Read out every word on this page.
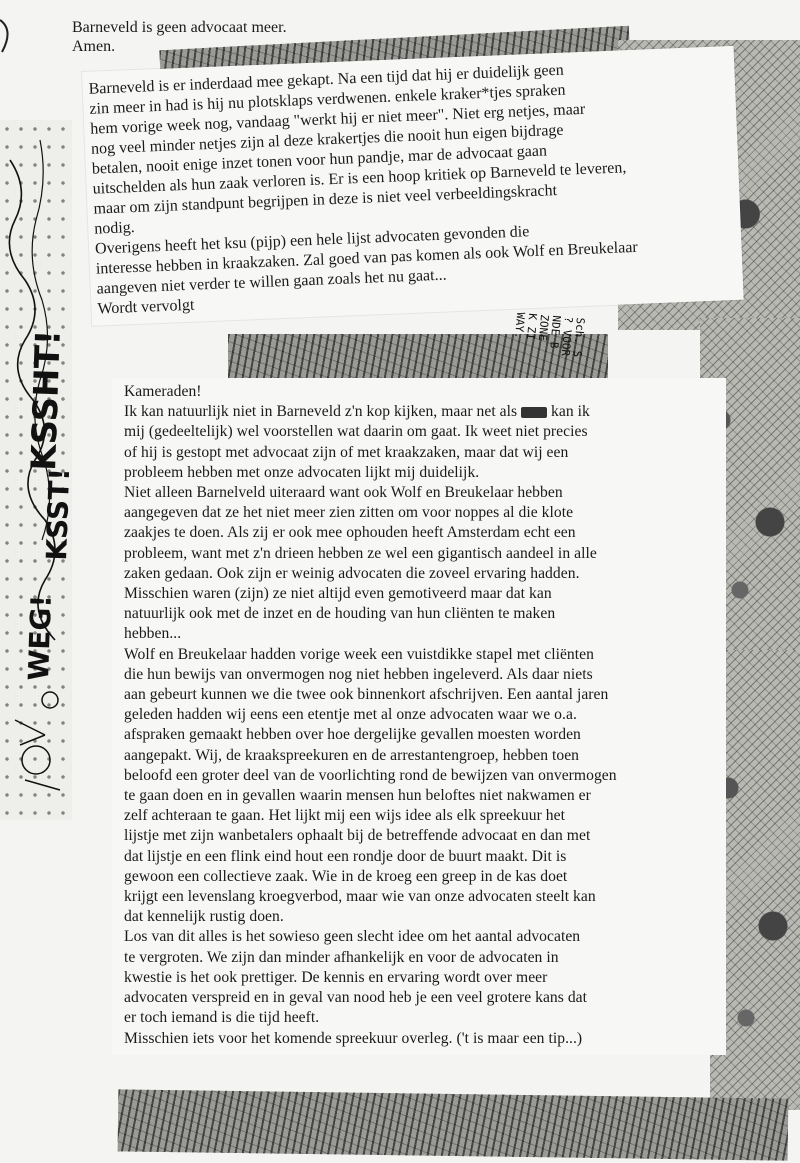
KSSHT!
KSST!
WEG!

Barneveld is geen advocaat meer.

Amen.

Barneveld is er inderdaad mee gekapt. Na een tijd dat hij er duidelijk geen
zin meer in had is hij nu plotsklaps verdwenen. enkele kraker*tjes spraken
hem vorige week nog, vandaag "werkt hij er niet meer". Niet erg netjes, maar
nog veel minder netjes zijn al deze krakertjes die nooit hun eigen bijdrage
betalen, nooit enige inzet tonen voor hun pandje, mar de advocaat gaan
uitschelden als hun zaak verloren is. Er is een hoop kritiek op Barneveld te leveren,
maar om zijn standpunt begrijpen in deze is niet veel verbeeldingskracht
nodig.
Overigens heeft het ksu (pijp) een hele lijst advocaten gevonden die
interesse hebben in kraakzaken. Zal goed van pas komen als ook Wolf en Breukelaar
aangeven niet verder te willen gaan zoals het nu gaat...
Wordt vervolgt

Sch. S
? VOOR
NDE B
ZONE
K ZI
WAY.

Kameraden!

Ik kan natuurlijk niet in Barneveld z'n kop kijken, maar net als  kan ik

mij (gedeeltelijk) wel voorstellen wat daarin om gaat. Ik weet niet precies
of hij is gestopt met advocaat zijn of met kraakzaken, maar dat wij een
probleem hebben met onze advocaten lijkt mij duidelijk.
Niet alleen Barnelveld uiteraard want ook Wolf en Breukelaar hebben
aangegeven dat ze het niet meer zien zitten om voor noppes al die klote
zaakjes te doen. Als zij er ook mee ophouden heeft Amsterdam echt een
probleem, want met z'n drieen hebben ze wel een gigantisch aandeel in alle
zaken gedaan. Ook zijn er weinig advocaten die zoveel ervaring hadden.
Misschien waren (zijn) ze niet altijd even gemotiveerd maar dat kan
natuurlijk ook met de inzet en de houding van hun cliënten te maken
hebben...
Wolf en Breukelaar hadden vorige week een vuistdikke stapel met cliënten
die hun bewijs van onvermogen nog niet hebben ingeleverd. Als daar niets
aan gebeurt kunnen we die twee ook binnenkort afschrijven. Een aantal jaren
geleden hadden wij eens een etentje met al onze advocaten waar we o.a.
afspraken gemaakt hebben over hoe dergelijke gevallen moesten worden
aangepakt. Wij, de kraakspreekuren en de arrestantengroep, hebben toen
beloofd een groter deel van de voorlichting rond de bewijzen van onvermogen
te gaan doen en in gevallen waarin mensen hun beloftes niet nakwamen er
zelf achteraan te gaan. Het lijkt mij een wijs idee als elk spreekuur het
lijstje met zijn wanbetalers ophaalt bij de betreffende advocaat en dan met
dat lijstje en een flink eind hout een rondje door de buurt maakt. Dit is
gewoon een collectieve zaak. Wie in de kroeg een greep in de kas doet
krijgt een levenslang kroegverbod, maar wie van onze advocaten steelt kan
dat kennelijk rustig doen.
Los van dit alles is het sowieso geen slecht idee om het aantal advocaten
te vergroten. We zijn dan minder afhankelijk en voor de advocaten in
kwestie is het ook prettiger. De kennis en ervaring wordt over meer
advocaten verspreid en in geval van nood heb je een veel grotere kans dat
er toch iemand is die tijd heeft.
Misschien iets voor het komende spreekuur overleg. ('t is maar een tip...)
